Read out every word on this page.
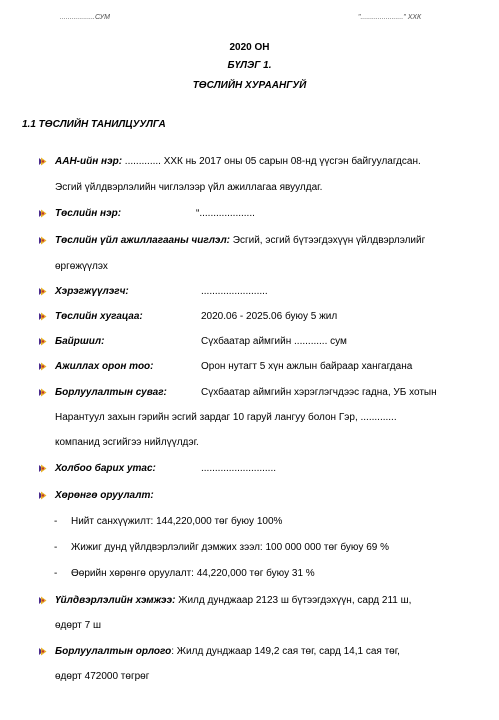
..................СУМ	"......................" ХХК
2020 ОН
БҮЛЭГ 1.
ТӨСЛИЙН ХУРААНГУЙ
1.1 ТӨСЛИЙН ТАНИЛЦУУЛГА
ААН-ийн нэр: ............. ХХК нь 2017 оны 05 сарын 08-нд үүсгэн байгуулагдсан.
Эсгий үйлдвэрлэлийн чиглэлээр үйл ажиллагаа явуулдаг.
Төслийн нэр:	“....................
Төслийн үйл ажиллагааны чиглэл: Эсгий, эсгий бүтээгдэхүүн үйлдвэрлэлийг
өргөжүүлэх
Хэрэгжүүлэгч:	........................
Төслийн хугацаа:	2020.06 - 2025.06 буюу 5 жил
Байршил:	Сүхбаатар аймгийн ............ сум
Ажиллах орон тоо:	Орон нутагт 5 хүн ажлын байраар хангагдана
Борлуулалтын суваг:	Сүхбаатар аймгийн хэрэглэгчдээс гадна, УБ хотын
Нарантуул захын гэрийн эсгий зардаг 10 гаруй лангуу болон Гэр, .............
компанид эсгийгээ нийлүүлдэг.
Холбоо барих утас:	...........................
Хөрөнгө оруулалт:
- Нийт санхүүжилт: 144,220,000 төг буюу 100%
- Жижиг дунд үйлдвэрлэлийг дэмжих зээл: 100 000 000 төг буюу 69 %
- Өөрийн хөрөнгө оруулалт: 44,220,000 төг буюу 31 %
Үйлдвэрлэлийн хэмжээ: Жилд дунджаар 2123 ш бүтээгдэхүүн, сард 211 ш,
өдөрт 7 ш
Борлуулалтын орлого: Жилд дунджаар 149,2 сая төг, сард 14,1 сая төг,
өдөрт 472000 төгрөг
